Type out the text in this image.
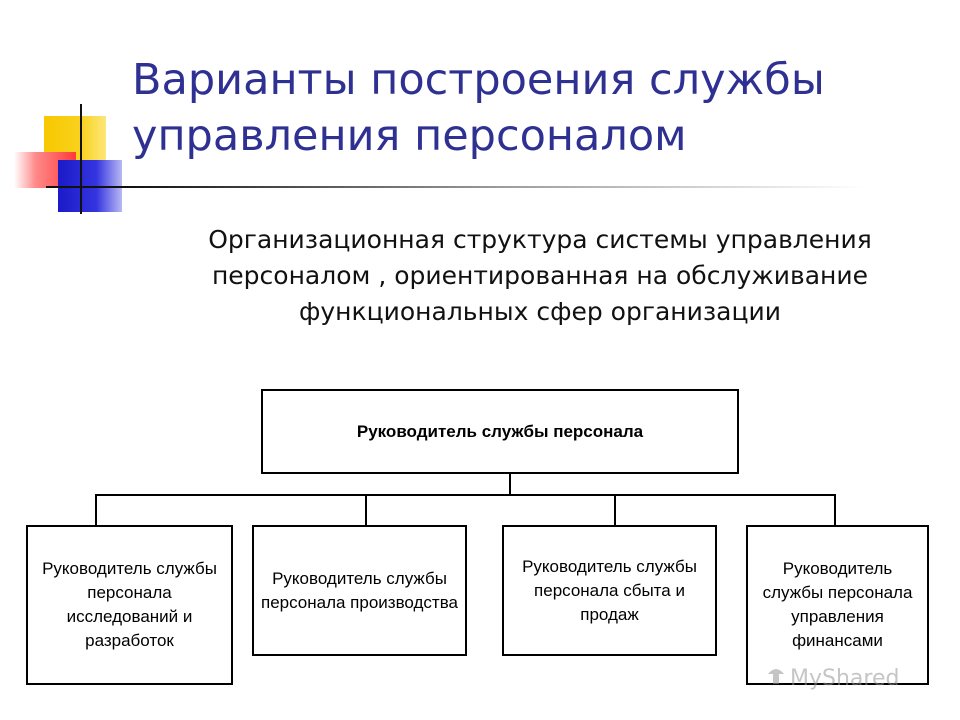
Варианты построения службы управления персоналом

Организационная структура системы управления персоналом , ориентированная на обслуживание функциональных сфер организации

Руководитель службы персонала
Руководитель службы персонала исследований и разработок
Руководитель службы персонала производства
Руководитель службы персонала сбыта и продаж
Руководитель службы персонала управления финансами
MyShared
